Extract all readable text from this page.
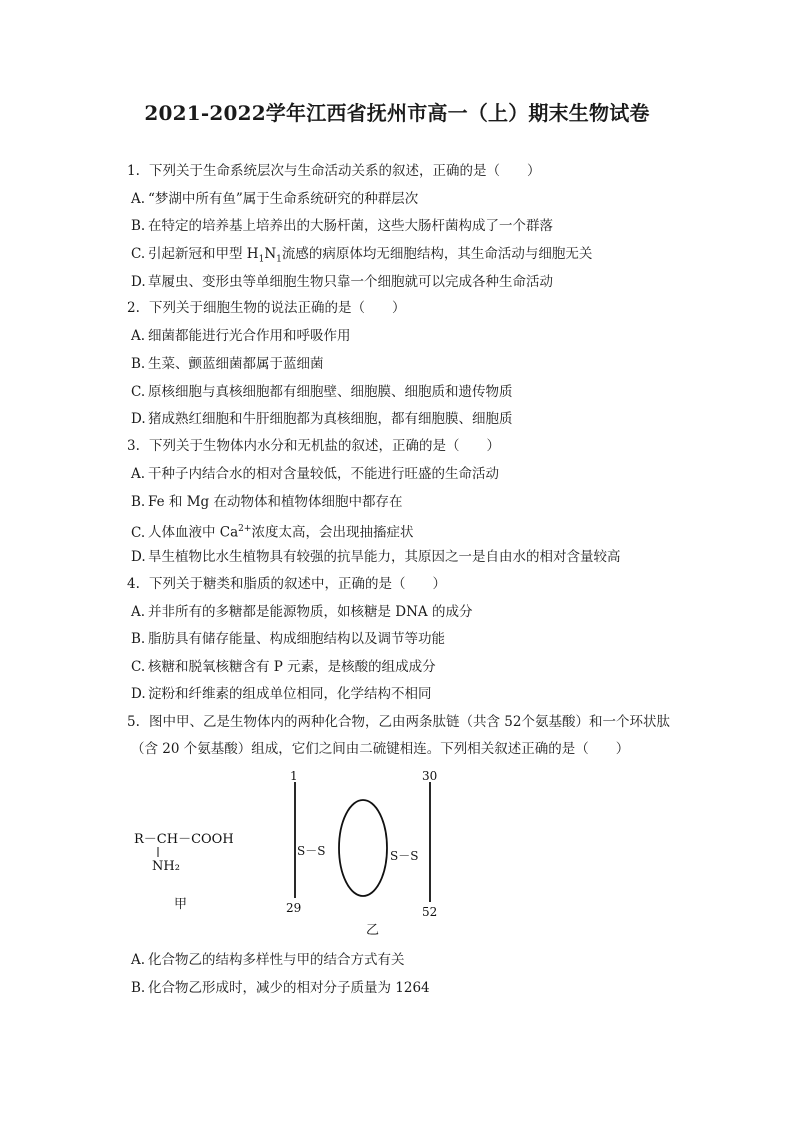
2021-2022学年江西省抚州市高一（上）期末生物试卷
1. 下列关于生命系统层次与生命活动关系的叙述，正确的是（　　）
A. “梦湖中所有鱼”属于生命系统研究的种群层次
B. 在特定的培养基上培养出的大肠杆菌，这些大肠杆菌构成了一个群落
C. 引起新冠和甲型 $H_1N_1$流感的病原体均无细胞结构，其生命活动与细胞无关
D. 草履虫、变形虫等单细胞生物只靠一个细胞就可以完成各种生命活动
2. 下列关于细胞生物的说法正确的是（　　）
A. 细菌都能进行光合作用和呼吸作用
B. 生菜、颤蓝细菌都属于蓝细菌
C. 原核细胞与真核细胞都有细胞壁、细胞膜、细胞质和遗传物质
D. 猪成熟红细胞和牛肝细胞都为真核细胞，都有细胞膜、细胞质
3. 下列关于生物体内水分和无机盐的叙述，正确的是（　　）
A. 干种子内结合水的相对含量较低，不能进行旺盛的生命活动
B. Fe 和 Mg 在动物体和植物体细胞中都存在
C. 人体血液中 $Ca^{2+}$浓度太高，会出现抽搐症状
D. 旱生植物比水生植物具有较强的抗旱能力，其原因之一是自由水的相对含量较高
4. 下列关于糖类和脂质的叙述中，正确的是（　　）
A. 并非所有的多糖都是能源物质，如核糖是 DNA 的成分
B. 脂肪具有储存能量、构成细胞结构以及调节等功能
C. 核糖和脱氧核糖含有 P 元素，是核酸的组成成分
D. 淀粉和纤维素的组成单位相同，化学结构不相同
5. 图中甲、乙是生物体内的两种化合物，乙由两条肽链（共含 52个氨基酸）和一个环状肽
（含 20 个氨基酸）组成，它们之间由二硫键相连。下列相关叙述正确的是（　　）
R－CH－COOH
NH₂
甲
S－S	S－S
1
29
30
52
乙
A. 化合物乙的结构多样性与甲的结合方式有关
B. 化合物乙形成时，减少的相对分子质量为 1264
